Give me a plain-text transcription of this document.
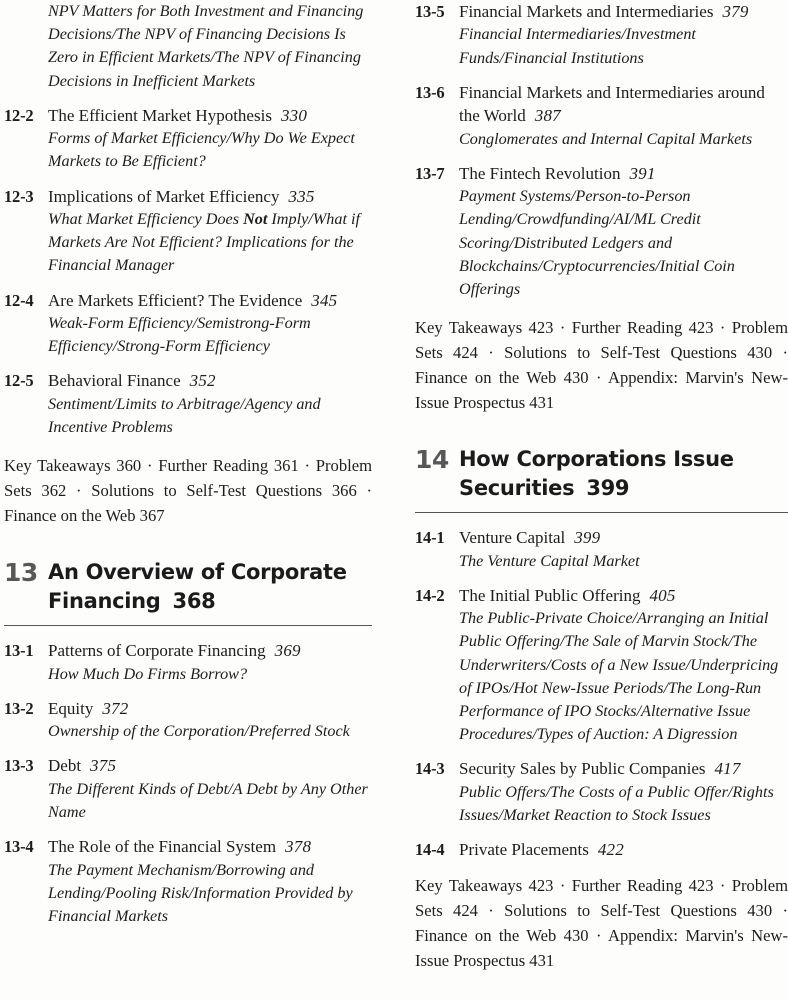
NPV Matters for Both Investment and Financing Decisions/The NPV of Financing Decisions Is Zero in Efficient Markets/The NPV of Financing Decisions in Inefficient Markets
12-2 The Efficient Market Hypothesis 330
Forms of Market Efficiency/Why Do We Expect Markets to Be Efficient?
12-3 Implications of Market Efficiency 335
What Market Efficiency Does Not Imply/What if Markets Are Not Efficient? Implications for the Financial Manager
12-4 Are Markets Efficient? The Evidence 345
Weak-Form Efficiency/Semistrong-Form Efficiency/Strong-Form Efficiency
12-5 Behavioral Finance 352
Sentiment/Limits to Arbitrage/Agency and Incentive Problems
Key Takeaways 360 · Further Reading 361 · Problem Sets 362 · Solutions to Self-Test Questions 366 · Finance on the Web 367
13 An Overview of Corporate Financing 368
13-1 Patterns of Corporate Financing 369
How Much Do Firms Borrow?
13-2 Equity 372
Ownership of the Corporation/Preferred Stock
13-3 Debt 375
The Different Kinds of Debt/A Debt by Any Other Name
13-4 The Role of the Financial System 378
The Payment Mechanism/Borrowing and Lending/Pooling Risk/Information Provided by Financial Markets
13-5 Financial Markets and Intermediaries 379
Financial Intermediaries/Investment Funds/Financial Institutions
13-6 Financial Markets and Intermediaries around the World 387
Conglomerates and Internal Capital Markets
13-7 The Fintech Revolution 391
Payment Systems/Person-to-Person Lending/Crowdfunding/AI/ML Credit Scoring/Distributed Ledgers and Blockchains/Cryptocurrencies/Initial Coin Offerings
Key Takeaways 423 · Further Reading 423 · Problem Sets 424 · Solutions to Self-Test Questions 430 · Finance on the Web 430 · Appendix: Marvin's New-Issue Prospectus 431
14 How Corporations Issue Securities 399
14-1 Venture Capital 399
The Venture Capital Market
14-2 The Initial Public Offering 405
The Public-Private Choice/Arranging an Initial Public Offering/The Sale of Marvin Stock/The Underwriters/Costs of a New Issue/Underpricing of IPOs/Hot New-Issue Periods/The Long-Run Performance of IPO Stocks/Alternative Issue Procedures/Types of Auction: A Digression
14-3 Security Sales by Public Companies 417
Public Offers/The Costs of a Public Offer/Rights Issues/Market Reaction to Stock Issues
14-4 Private Placements 422
Key Takeaways 423 · Further Reading 423 · Problem Sets 424 · Solutions to Self-Test Questions 430 · Finance on the Web 430 · Appendix: Marvin's New-Issue Prospectus 431
